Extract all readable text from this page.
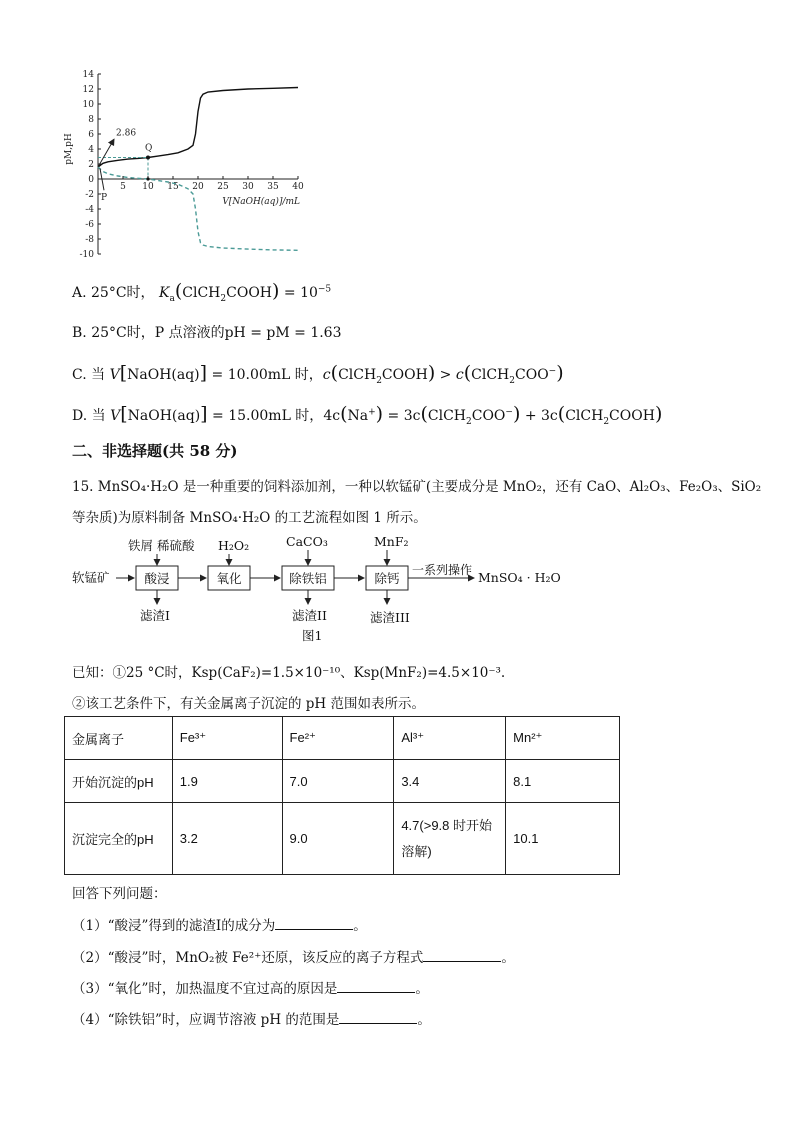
V[NaOH(aq)]/mL
pM,pH
14
12
10
8
6
4
2
-2
-4
-6
-8
-10
5 10 15 20 25 30 35 40
0
Q
2.86
P
A. 25°C时， $K_a(ClCH_2COOH) = 10^{-5}$
B. 25°C时，P 点溶液的pH = pM = 1.63
C. 当 V[NaOH(aq)] = 10.00mL 时，c(ClCH$_2$COOH) > c(ClCH$_2$COO−)
D. 当 V[NaOH(aq)] = 15.00mL 时，4c(Na+) = 3c(ClCH$_2$COO−) + 3c(ClCH$_2$COOH)
二、非选择题(共 58 分)
15. MnSO₄·H₂O 是一种重要的饲料添加剂，一种以软锰矿(主要成分是 MnO₂，还有 CaO、Al₂O₃、Fe₂O₃、SiO₂
等杂质)为原料制备 MnSO₄·H₂O 的工艺流程如图 1 所示。
软锰矿	酸浸
铁屑 稀硫酸
滤渣I
氧化
H₂O₂
除铁铝
CaCO₃
滤渣II
图1
除钙
MnF₂
滤渣III
一系列操作 MnSO₄ · H₂O
已知：①25 °C时，Ksp(CaF₂)=1.5×10⁻¹⁰、Ksp(MnF₂)=4.5×10⁻³.
②该工艺条件下，有关金属离子沉淀的 pH 范围如表所示。
金属离子	Fe³⁺	Fe²⁺	Al³⁺	Mn²⁺
开始沉淀的pH	1.9	7.0	3.4	8.1
沉淀完全的pH	3.2	9.0	4.7(>9.8 时开始溶解)	10.1
回答下列问题：
（1）“酸浸”得到的滤渣I的成分为	。
（2）“酸浸”时，MnO₂被 Fe²⁺还原，该反应的离子方程式	。
（3）“氧化”时，加热温度不宜过高的原因是	。
（4）“除铁铝”时，应调节溶液 pH 的范围是	。
